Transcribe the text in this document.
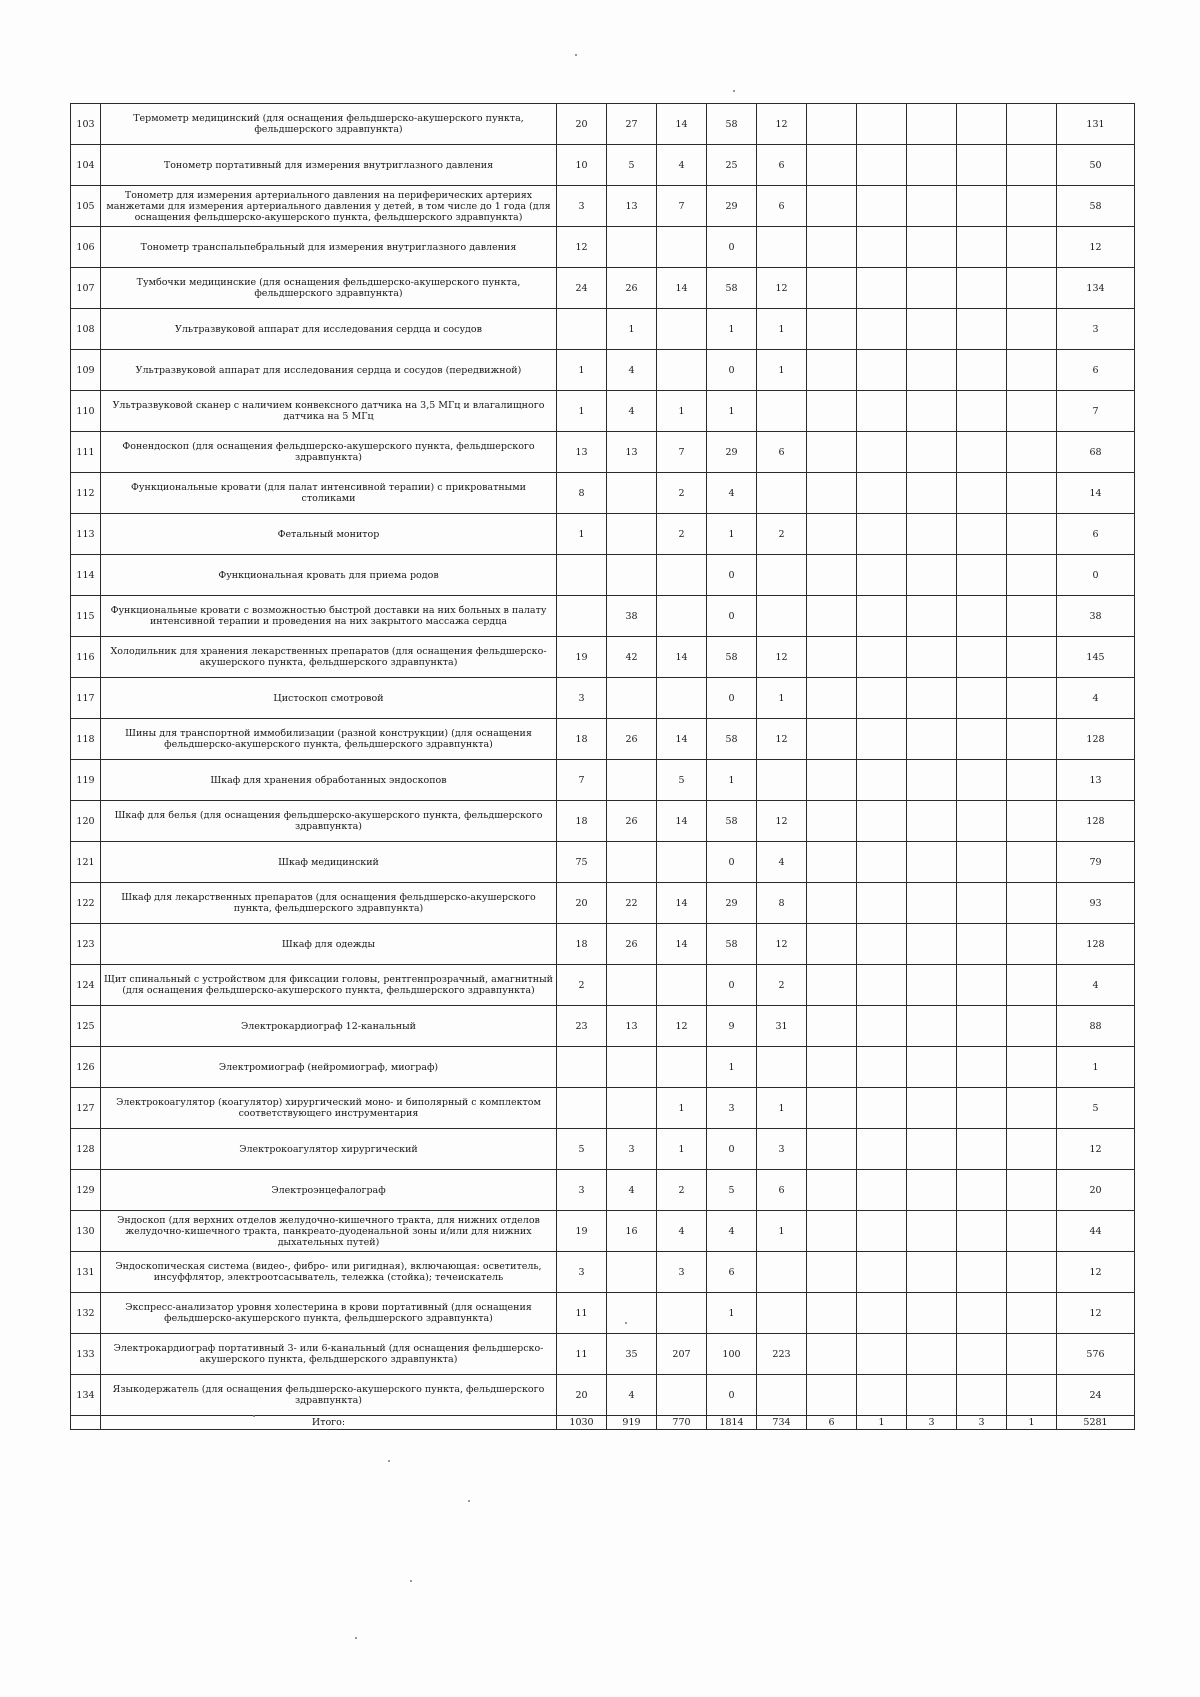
103	Термометр медицинский (для оснащения фельдшерско-акушерского пункта, фельдшерского здравпункта)	20	27	14	58	12						131
104	Тонометр портативный для измерения внутриглазного давления	10	5	4	25	6						50
105	Тонометр для измерения артериального давления на периферических артериях манжетами для измерения артериального давления у детей, в том числе до 1 года (для оснащения фельдшерско-акушерского пункта, фельдшерского здравпункта)	3	13	7	29	6						58
106	Тонометр транспальпебральный для измерения внутриглазного давления	12			0							12
107	Тумбочки медицинские (для оснащения фельдшерско-акушерского пункта, фельдшерского здравпункта)	24	26	14	58	12						134
108	Ультразвуковой аппарат для исследования сердца и сосудов		1		1	1						3
109	Ультразвуковой аппарат для исследования сердца и сосудов (передвижной)	1	4		0	1						6
110	Ультразвуковой сканер с наличием конвексного датчика на 3,5 МГц и влагалищного датчика на 5 МГц	1	4	1	1							7
111	Фонендоскоп (для оснащения фельдшерско-акушерского пункта, фельдшерского здравпункта)	13	13	7	29	6						68
112	Функциональные кровати (для палат интенсивной терапии) с прикроватными столиками	8		2	4							14
113	Фетальный монитор	1		2	1	2						6
114	Функциональная кровать для приема родов				0							0
115	Функциональные кровати с возможностью быстрой доставки на них больных в палату интенсивной терапии и проведения на них закрытого массажа сердца		38		0							38
116	Холодильник для хранения лекарственных препаратов (для оснащения фельдшерско-акушерского пункта, фельдшерского здравпункта)	19	42	14	58	12						145
117	Цистоскоп смотровой	3			0	1						4
118	Шины для транспортной иммобилизации (разной конструкции) (для оснащения фельдшерско-акушерского пункта, фельдшерского здравпункта)	18	26	14	58	12						128
119	Шкаф для хранения обработанных эндоскопов	7		5	1							13
120	Шкаф для белья (для оснащения фельдшерско-акушерского пункта, фельдшерского здравпункта)	18	26	14	58	12						128
121	Шкаф медицинский	75			0	4						79
122	Шкаф для лекарственных препаратов (для оснащения фельдшерско-акушерского пункта, фельдшерского здравпункта)	20	22	14	29	8						93
123	Шкаф для одежды	18	26	14	58	12						128
124	Щит спинальный с устройством для фиксации головы, рентгенпрозрачный, амагнитный (для оснащения фельдшерско-акушерского пункта, фельдшерского здравпункта)	2			0	2						4
125	Электрокардиограф 12-канальный	23	13	12	9	31						88
126	Электромиограф (нейромиограф, миограф)				1							1
127	Электрокоагулятор (коагулятор) хирургический моно- и биполярный с комплектом соответствующего инструментария			1	3	1						5
128	Электрокоагулятор хирургический	5	3	1	0	3						12
129	Электроэнцефалограф	3	4	2	5	6						20
130	Эндоскоп (для верхних отделов желудочно-кишечного тракта, для нижних отделов желудочно-кишечного тракта, панкреато-дуоденальной зоны и/или для нижних дыхательных путей)	19	16	4	4	1						44
131	Эндоскопическая система (видео-, фибро- или ригидная), включающая: осветитель, инсуффлятор, электроотсасыватель, тележка (стойка); течеискатель	3		3	6							12
132	Экспресс-анализатор уровня холестерина в крови портативный (для оснащения фельдшерско-акушерского пункта, фельдшерского здравпункта)	11			1							12
133	Электрокардиограф портативный 3- или 6-канальный (для оснащения фельдшерско-акушерского пункта, фельдшерского здравпункта)	11	35	207	100	223						576
134	Языкодержатель (для оснащения фельдшерско-акушерского пункта, фельдшерского здравпункта)	20	4		0							24
	Итого:	1030	919	770	1814	734	6	1	3	3	1	5281
